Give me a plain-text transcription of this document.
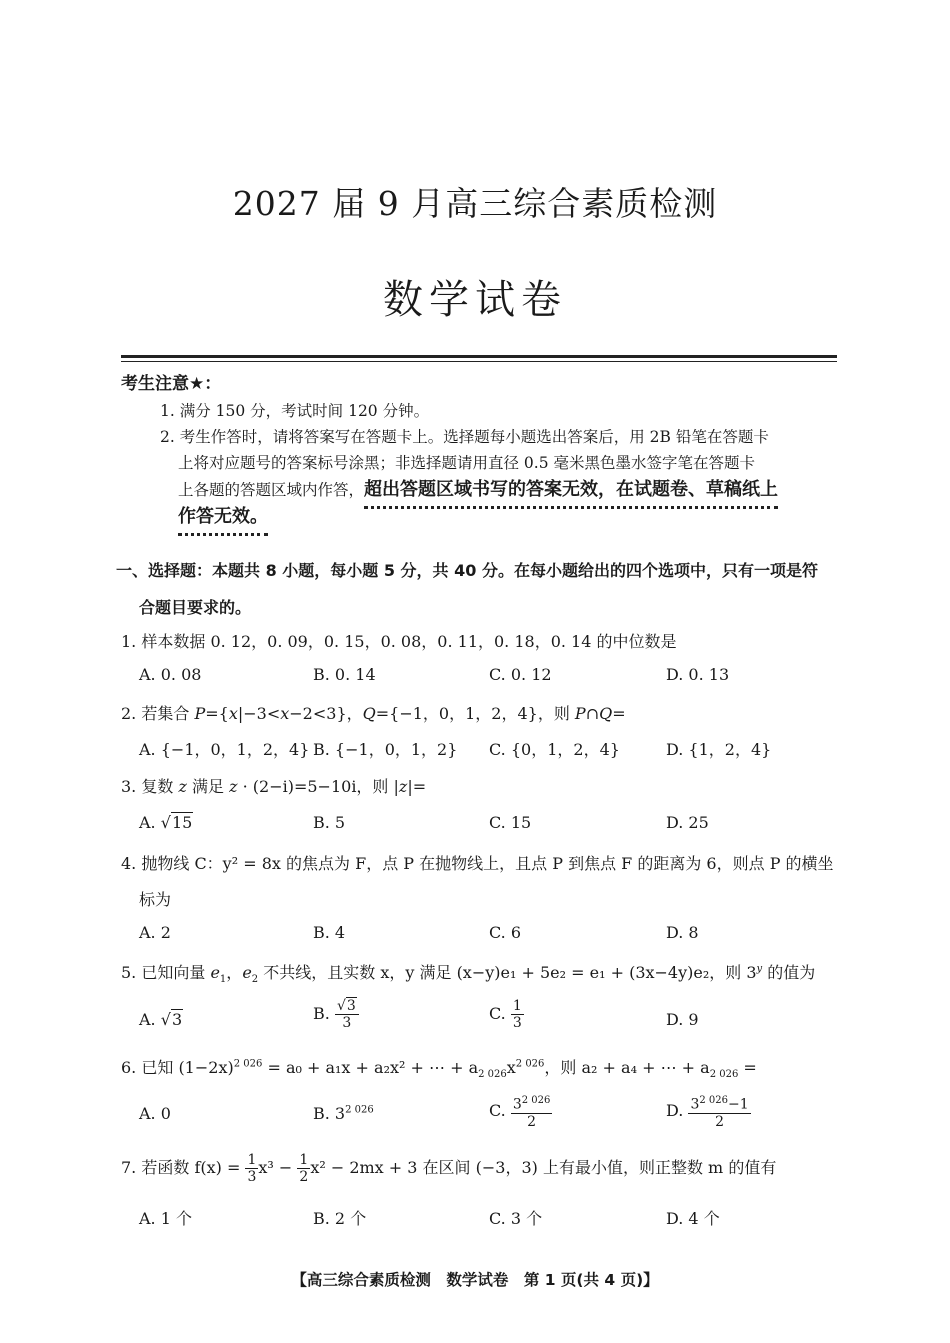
2027 届 9 月高三综合素质检测
数学试卷
考生注意★：
1. 满分 150 分，考试时间 120 分钟。
2. 考生作答时，请将答案写在答题卡上。选择题每小题选出答案后，用 2B 铅笔在答题卡
上将对应题号的答案标号涂黑；非选择题请用直径 0.5 毫米黑色墨水签字笔在答题卡
上各题的答题区域内作答，超出答题区域书写的答案无效，在试题卷、草稿纸上
作答无效。
一、选择题：本题共 8 小题，每小题 5 分，共 40 分。在每小题给出的四个选项中，只有一项是符
合题目要求的。
1. 样本数据 0. 12，0. 09，0. 15，0. 08，0. 11，0. 18，0. 14 的中位数是
A. 0. 08	B. 0. 14	C. 0. 12	D. 0. 13
2. 若集合 P={x|−3<x−2<3}，Q={−1，0，1，2，4}，则 P∩Q=
A. {−1，0，1，2，4} B. {−1，0，1，2} C. {0，1，2，4}	D. {1，2，4}
3. 复数 z 满足 z · (2−i)=5−10i，则 |z|=
A. √15	B. 5	C. 15	D. 25
4. 抛物线 C：y² = 8x 的焦点为 F，点 P 在抛物线上，且点 P 到焦点 F 的距离为 6，则点 P 的横坐
标为
A. 2	B. 4	C. 6	D. 8
5. 已知向量 $e_1$，$e_2$ 不共线，且实数 x，y 满足 (x−y)e₁ + 5e₂ = e₁ + (3x−4y)e₂，则 3$^y$ 的值为
A. √3	B. $\frac{√3}{3}$	C. $\frac{1}{3}$	D. 9
6. 已知 $(1-2x)^{2 026} = a_0 + a_1x + a_2x^2$ + ⋯ + $a_{2 026}x^{2 026}$，则 a₂ + a₄ + ⋯ + $a_{2 026}$ =
A. 0	B. $3^{2 026}$	C. $\frac{3^{2 026}}{2}$	D. $\frac{3^{2 026}-1}{2}$
7. 若函数 $f(x) = \frac{1}{3} x^3 - \frac{1}{2} x^2 - 2mx + 3$ 在区间 (−3，3) 上有最小值，则正整数 m 的值有
A. 1 个	B. 2 个	C. 3 个	D. 4 个
【高三综合素质检测　数学试卷　第 1 页(共 4 页)】
